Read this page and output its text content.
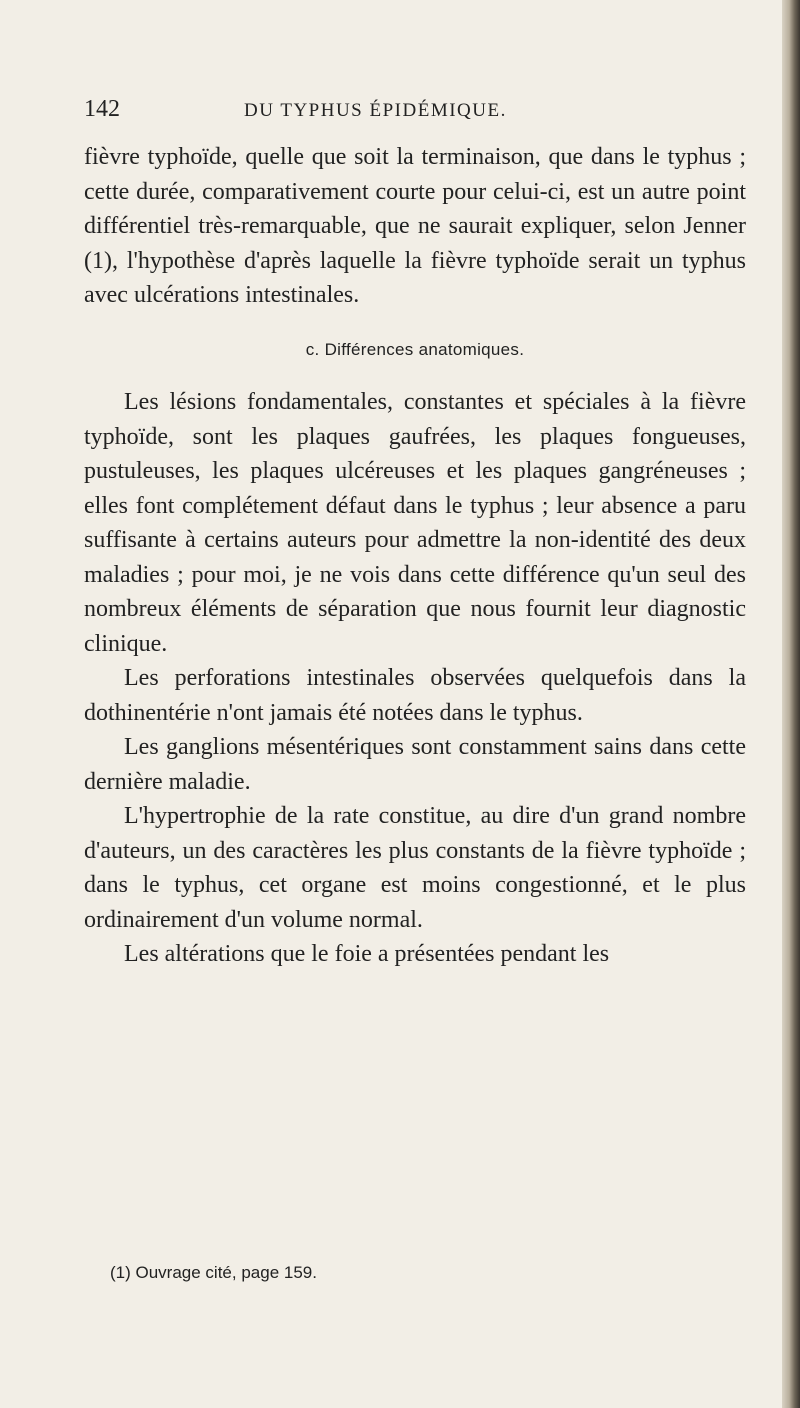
142	DU TYPHUS ÉPIDÉMIQUE.

fièvre typhoïde, quelle que soit la terminaison, que dans le typhus ; cette durée, comparativement courte pour celui-ci, est un autre point différentiel très-remarquable, que ne saurait expliquer, selon Jenner (1), l'hypothèse d'après laquelle la fièvre typhoïde serait un typhus avec ulcérations intestinales.

c. Différences anatomiques.

Les lésions fondamentales, constantes et spéciales à la fièvre typhoïde, sont les plaques gaufrées, les plaques fongueuses, pustuleuses, les plaques ulcéreuses et les plaques gangréneuses ; elles font complétement défaut dans le typhus ; leur absence a paru suffisante à certains auteurs pour admettre la non-identité des deux maladies ; pour moi, je ne vois dans cette différence qu'un seul des nombreux éléments de séparation que nous fournit leur diagnostic clinique.

Les perforations intestinales observées quelquefois dans la dothinentérie n'ont jamais été notées dans le typhus.

Les ganglions mésentériques sont constamment sains dans cette dernière maladie.

L'hypertrophie de la rate constitue, au dire d'un grand nombre d'auteurs, un des caractères les plus constants de la fièvre typhoïde ; dans le typhus, cet organe est moins congestionné, et le plus ordinairement d'un volume normal.

Les altérations que le foie a présentées pendant les

(1) Ouvrage cité, page 159.
